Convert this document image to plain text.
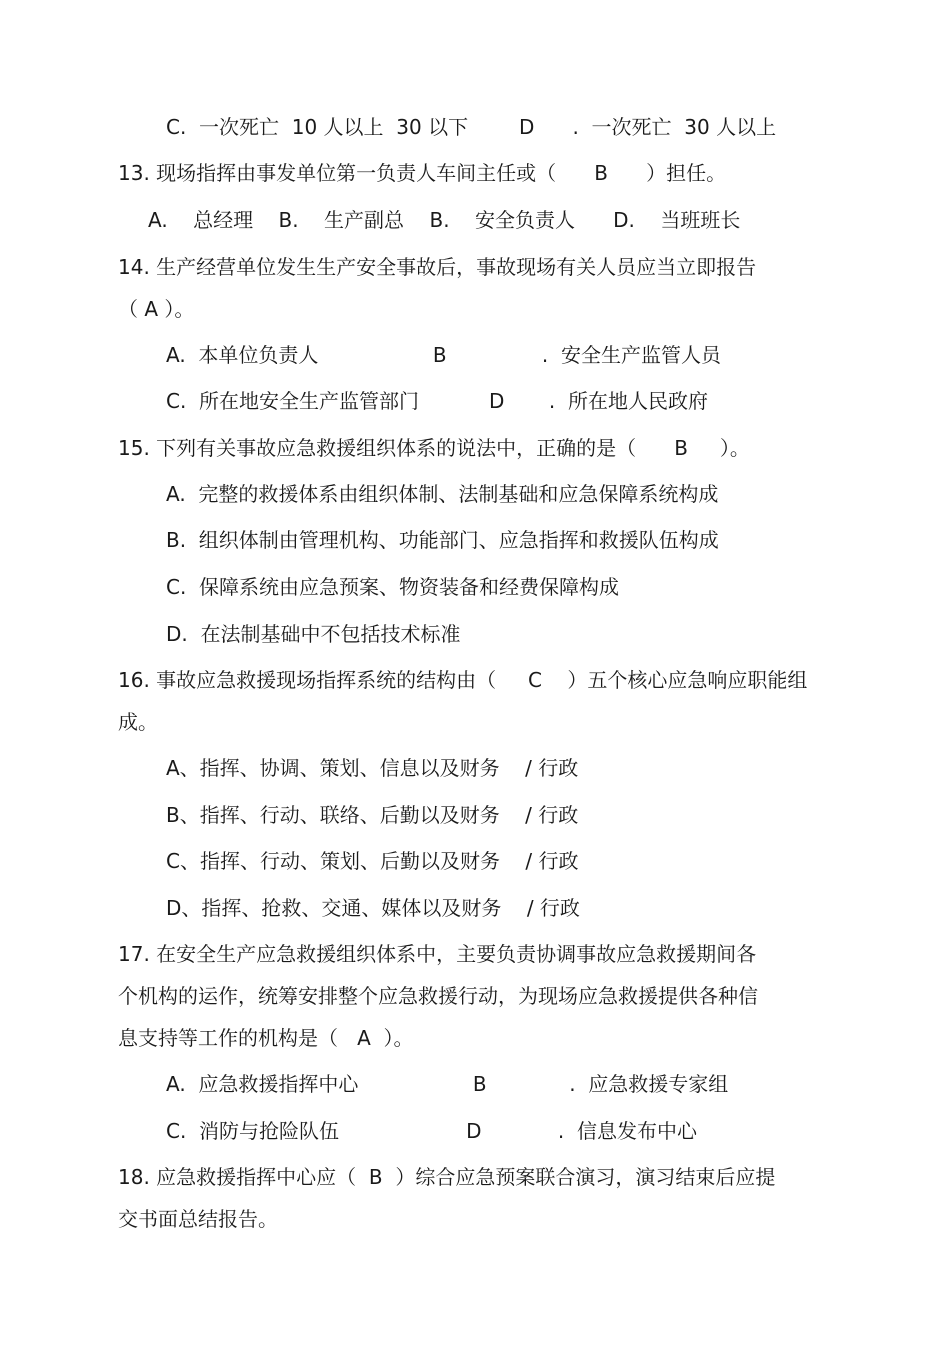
C.  一次死亡  10 人以上  30 以下        D      .  一次死亡  30 人以上
13. 现场指挥由事发单位第一负责人车间主任或（      B      ）担任。
A.    总经理    B.    生产副总    B.    安全负责人      D.    当班班长
14. 生产经营单位发生生产安全事故后，事故现场有关人员应当立即报告
（ A ）。
A.  本单位负责人                  B               .  安全生产监管人员
C.  所在地安全生产监管部门           D       .  所在地人民政府
15. 下列有关事故应急救援组织体系的说法中，正确的是（      B     ）。
A.  完整的救援体系由组织体制、法制基础和应急保障系统构成
B.  组织体制由管理机构、功能部门、应急指挥和救援队伍构成
C.  保障系统由应急预案、物资装备和经费保障构成
D.  在法制基础中不包括技术标准
16. 事故应急救援现场指挥系统的结构由（     C    ）五个核心应急响应职能组
成。
A、指挥、协调、策划、信息以及财务    / 行政
B、指挥、行动、联络、后勤以及财务    / 行政
C、指挥、行动、策划、后勤以及财务    / 行政
D、指挥、抢救、交通、媒体以及财务    / 行政
17. 在安全生产应急救援组织体系中，主要负责协调事故应急救援期间各
个机构的运作，统筹安排整个应急救援行动，为现场应急救援提供各种信
息支持等工作的机构是（   A  ）。
A.  应急救援指挥中心                  B             .  应急救援专家组
C.  消防与抢险队伍                    D            .  信息发布中心
18. 应急救援指挥中心应（  B  ）综合应急预案联合演习，演习结束后应提
交书面总结报告。
